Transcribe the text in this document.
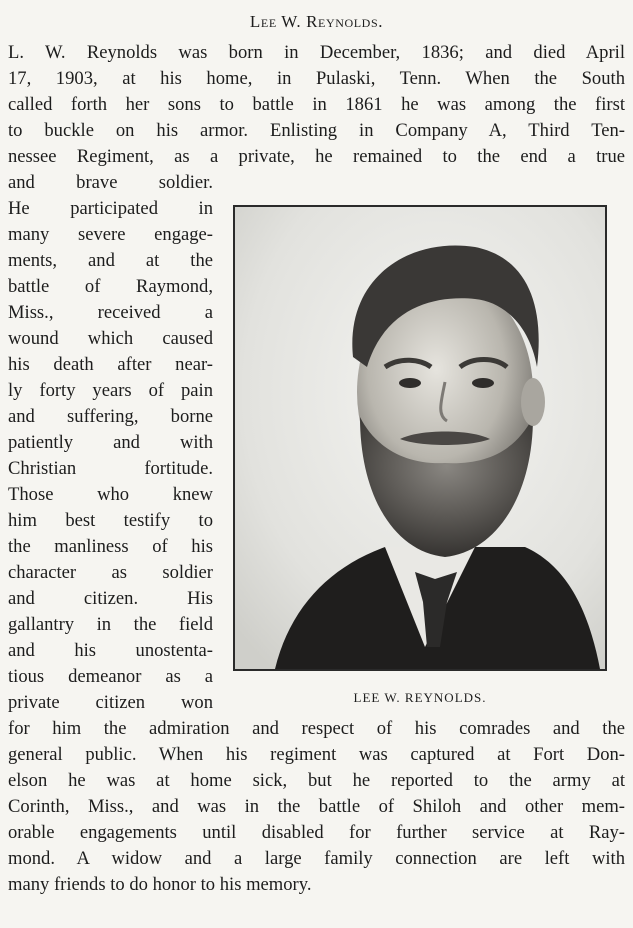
Lee W. Reynolds.
L. W. Reynolds was born in December, 1836; and died April
17, 1903, at his home, in Pulaski, Tenn. When the South
called forth her sons to battle in 1861 he was among the first
to buckle on his armor. Enlisting in Company A, Third Ten-
nessee Regiment, as a private, he remained to the end a true
and brave soldier.
He participated in
many severe engage-
ments, and at the
battle of Raymond,
Miss., received a
wound which caused
his death after near-
ly forty years of pain
and suffering, borne
patiently and with
Christian fortitude.
Those who knew
him best testify to
the manliness of his
character as soldier
and citizen. His
gallantry in the field
and his unostenta-
tious demeanor as a
private citizen won
for him the admiration and respect of his comrades and the
general public. When his regiment was captured at Fort Don-
elson he was at home sick, but he reported to the army at
Corinth, Miss., and was in the battle of Shiloh and other mem-
orable engagements until disabled for further service at Ray-
mond. A widow and a large family connection are left with
many friends to do honor to his memory.
LEE W. REYNOLDS.
